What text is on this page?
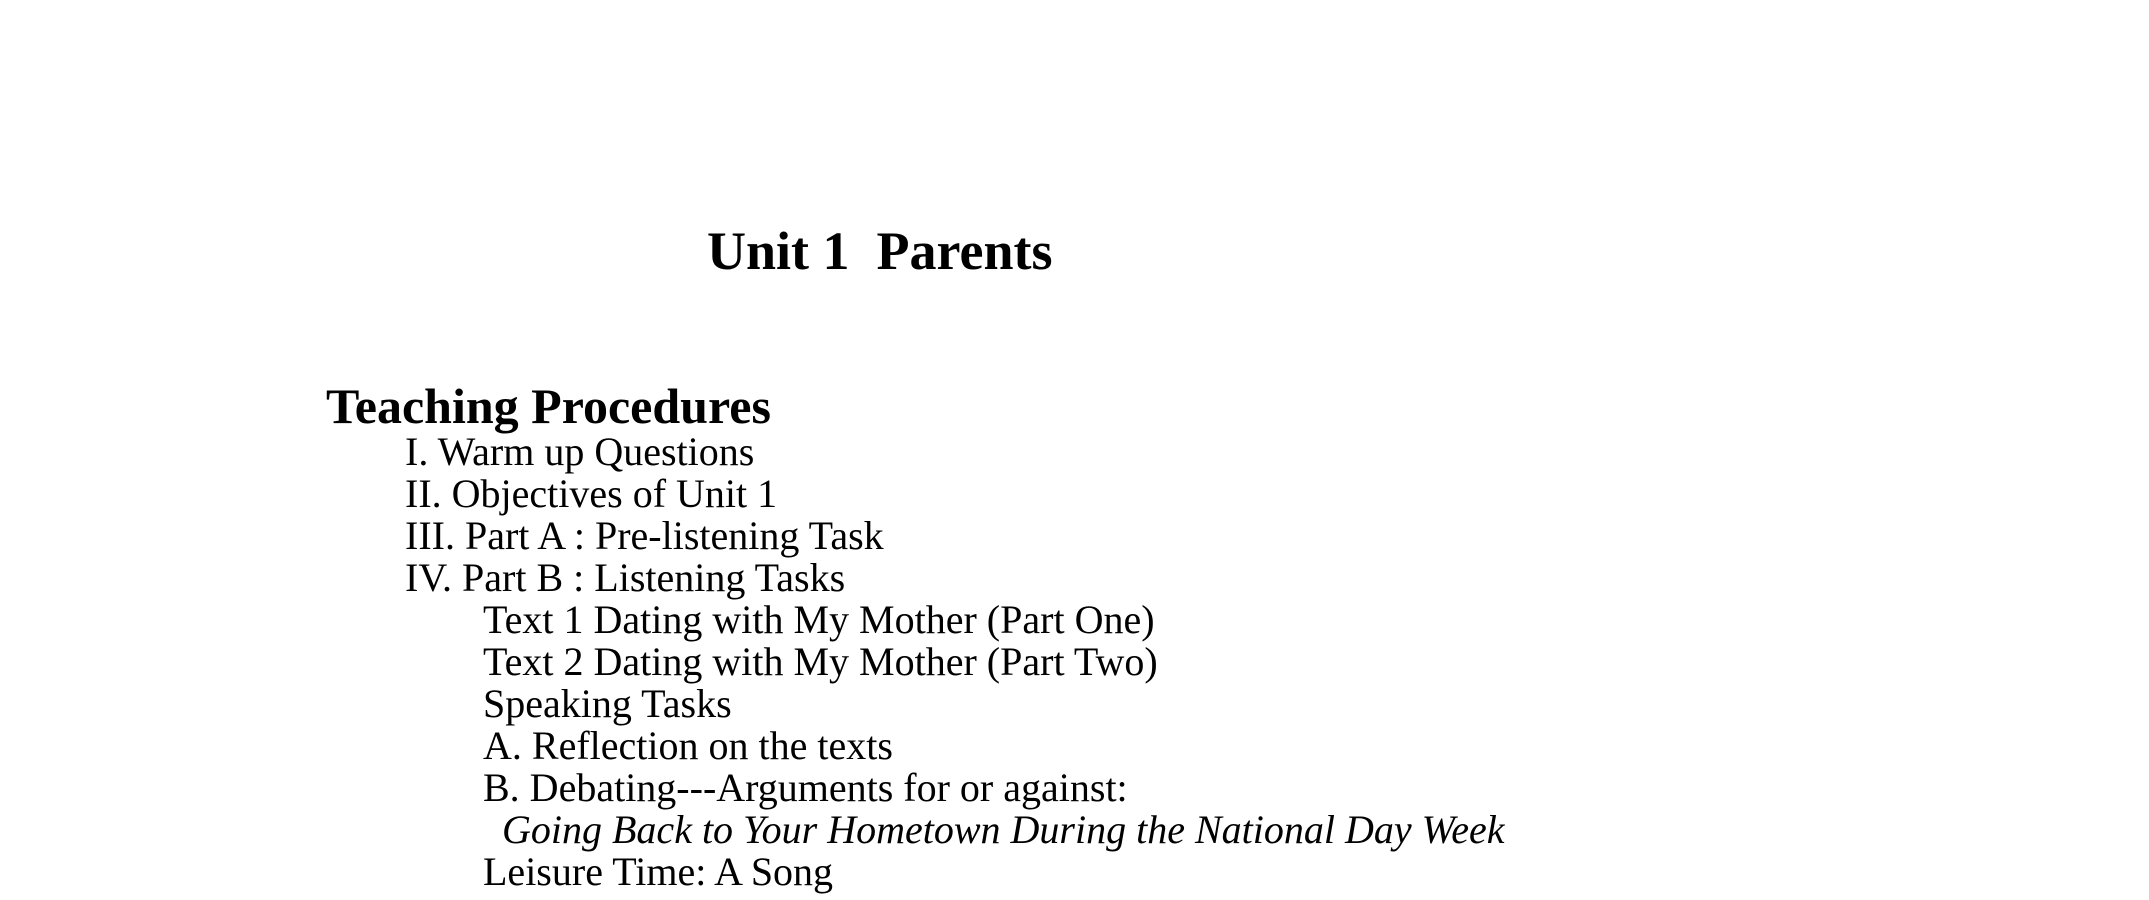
Unit 1  Parents
Teaching Procedures
I. Warm up Questions
II. Objectives of Unit 1
III. Part A : Pre-listening Task
IV. Part B : Listening Tasks
Text 1 Dating with My Mother (Part One)
Text 2 Dating with My Mother (Part Two)
Speaking Tasks
A. Reflection on the texts
B. Debating---Arguments for or against:
Going Back to Your Hometown During the National Day Week
Leisure Time: A Song
